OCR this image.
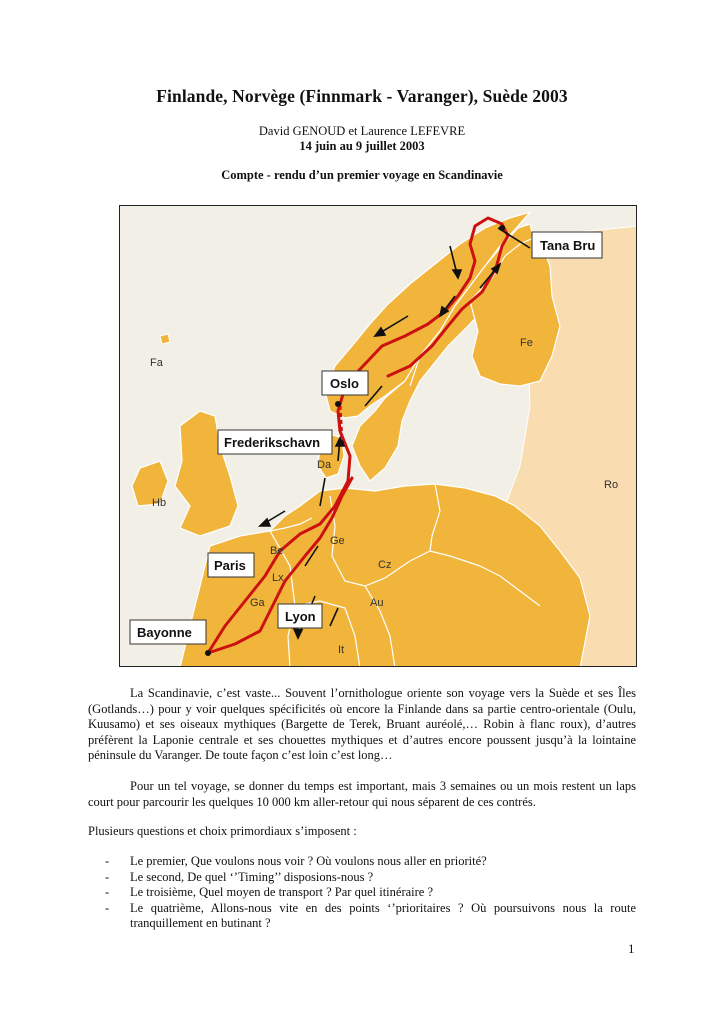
Finlande, Norvège (Finnmark - Varanger), Suède 2003
David GENOUD et Laurence LEFEVRE
14 juin au 9 juillet 2003
Compte - rendu d’un premier voyage en Scandinavie
Fa
Fe
Hb
Ga
Lx
Be
Ge
Cz
Au
It
Ro
Da
Tana Bru
Oslo
Frederikschavn
Paris
Lyon
Bayonne

La Scandinavie, c’est vaste... Souvent l’ornithologue oriente son voyage vers la Suède et ses Îles (Gotlands…) pour y voir quelques spécificités où encore la Finlande dans sa partie centro-orientale (Oulu, Kuusamo) et ses oiseaux mythiques (Bargette de Terek, Bruant auréolé,… Robin à flanc roux), d’autres préfèrent la Laponie centrale et ses chouettes mythiques et d’autres encore poussent jusqu’à la lointaine péninsule du Varanger. De toute façon c’est loin c’est long…

Pour un tel voyage, se donner du temps est important, mais 3 semaines ou un mois restent un laps court pour parcourir les quelques 10 000 km aller-retour qui nous séparent de ces contrés.

Plusieurs questions et choix primordiaux s’imposent :

- Le premier, Que voulons nous voir ? Où voulons nous aller en priorité?
- Le second, De quel ‘’Timing’’ disposions-nous ?
- Le troisième, Quel moyen de transport ? Par quel itinéraire ?
- Le quatrième, Allons-nous vite en des points ‘’prioritaires ? Où poursuivons nous la route tranquillement en butinant ?
1
